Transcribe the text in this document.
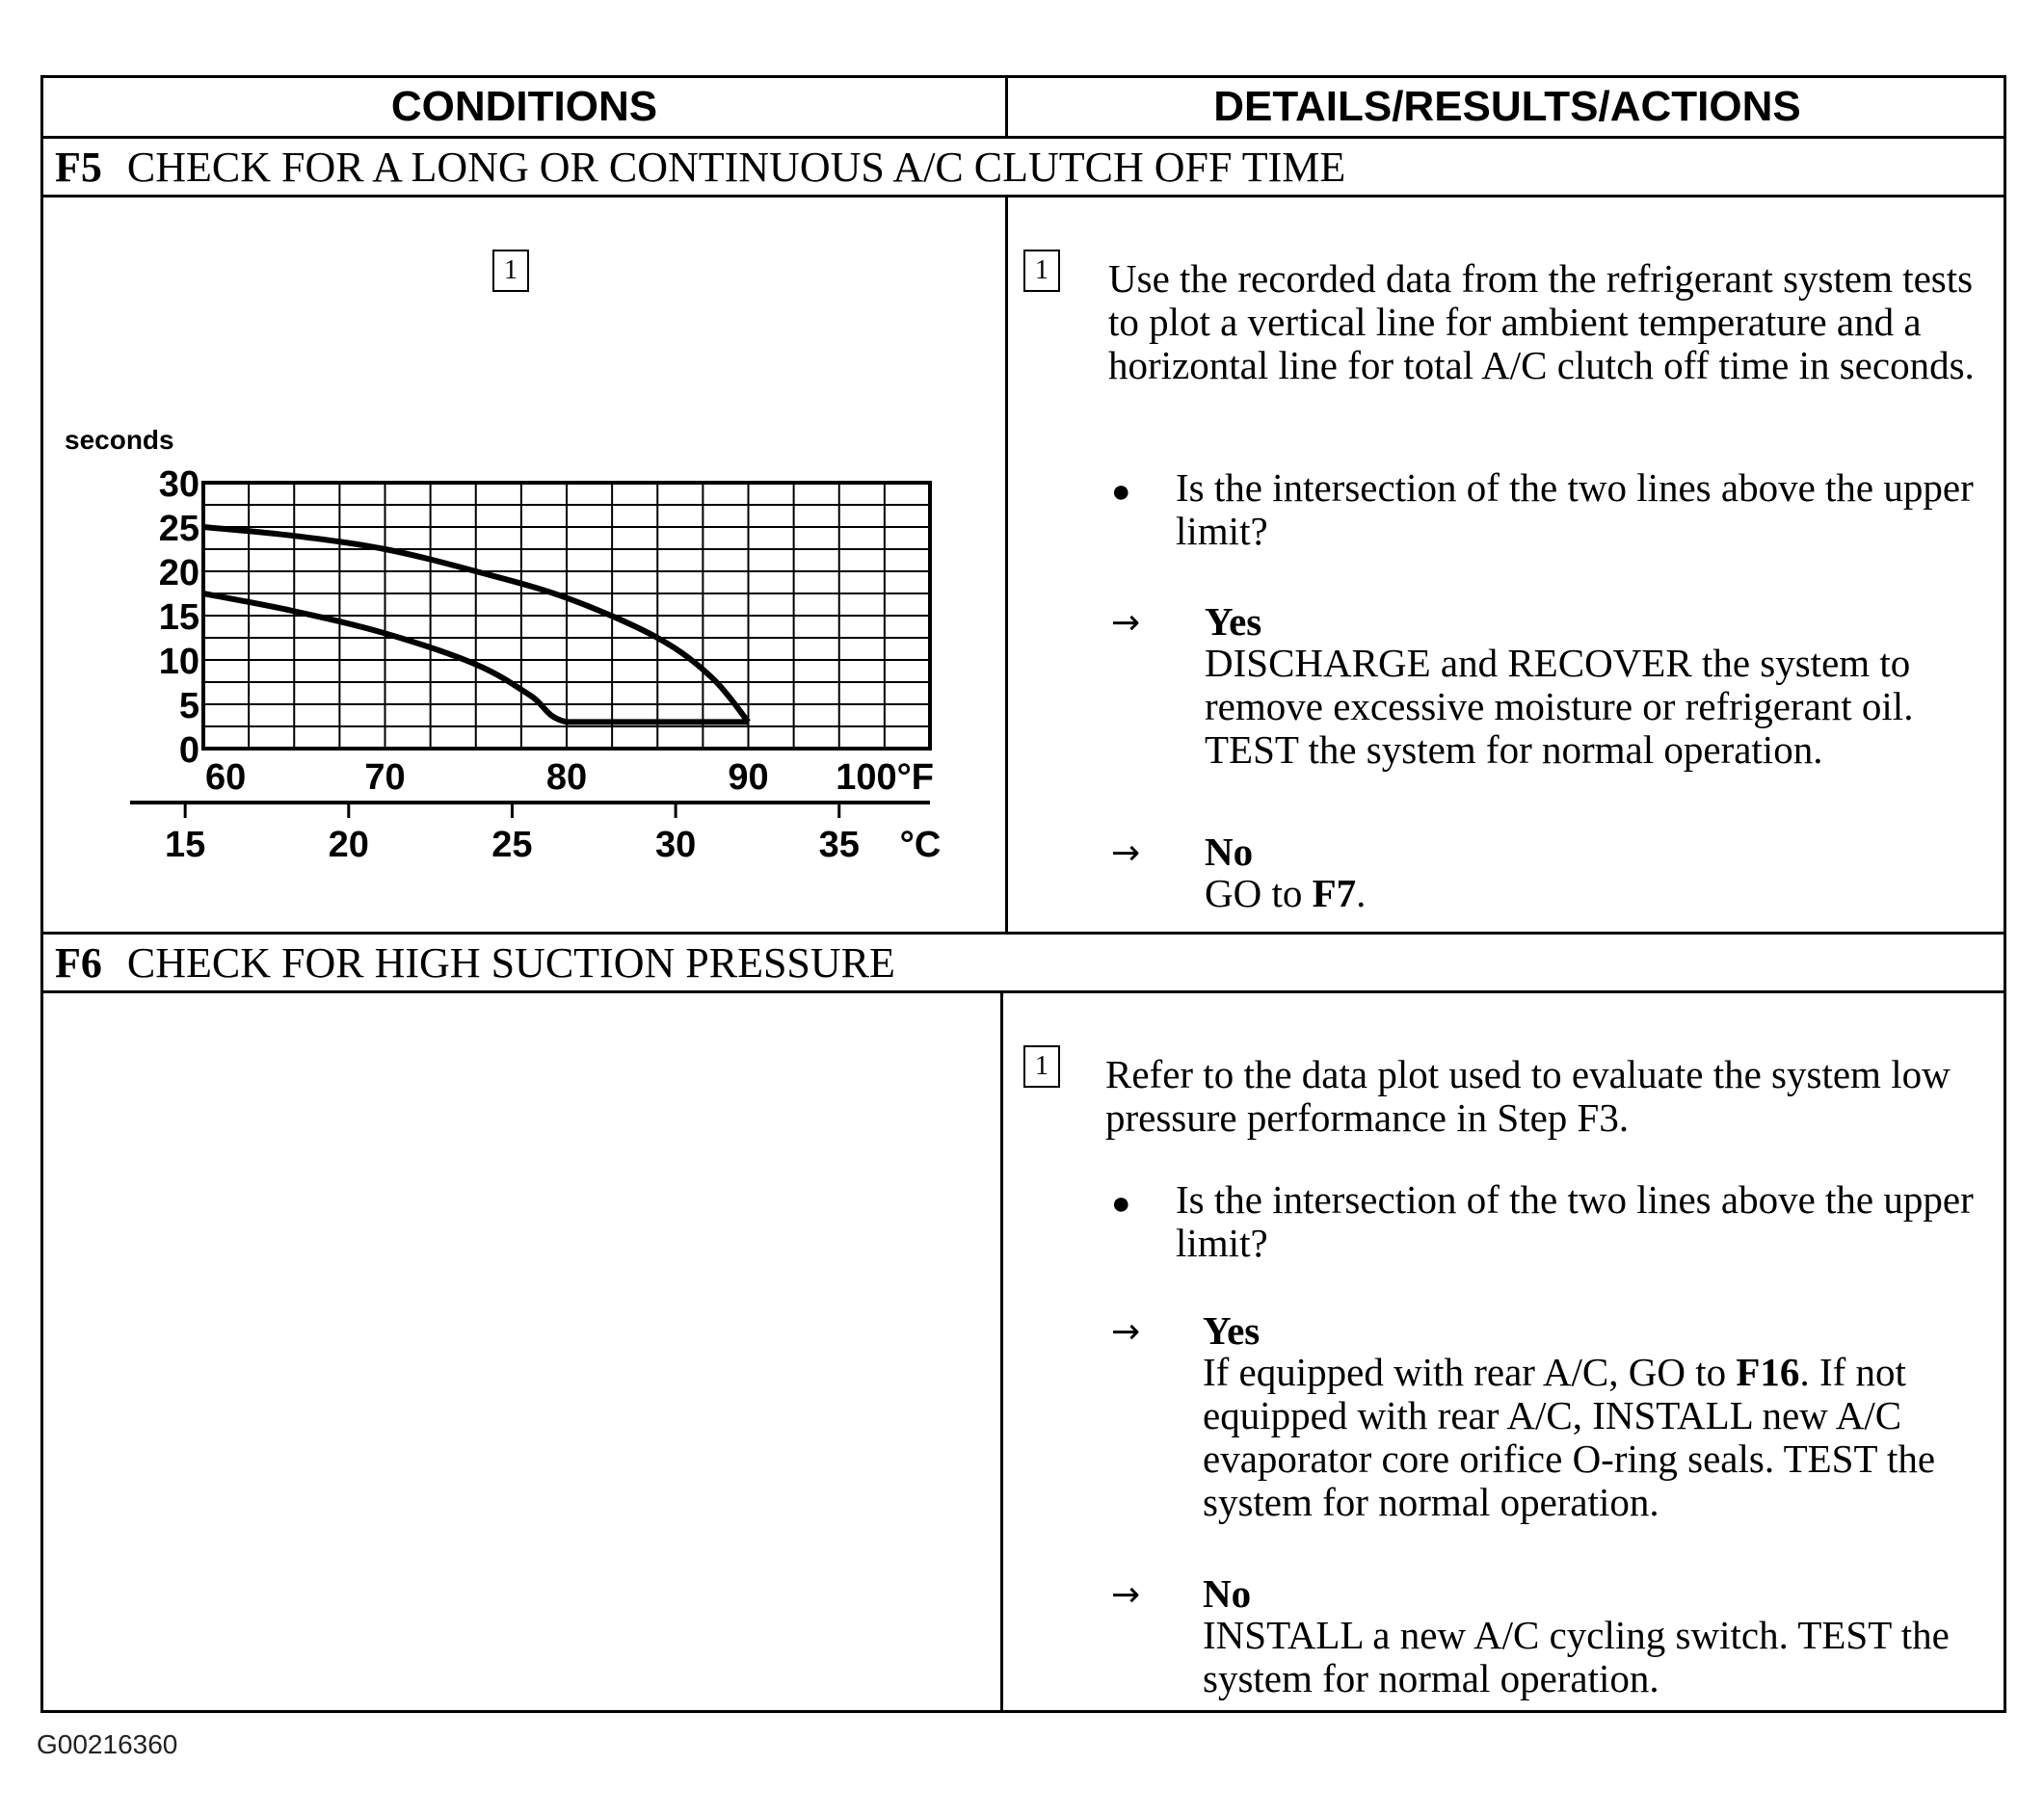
CONDITIONS	DETAILS/RESULTS/ACTIONS
F5 CHECK FOR A LONG OR CONTINUOUS A/C CLUTCH OFF TIME
1
seconds
30
25
20
15
10
5
0
60	70	80	90 100°F
15	20	25	30	35 °C
1 Use the recorded data from the refrigerant system tests to plot a vertical line for ambient temperature and a horizontal line for total A/C clutch off time in seconds.
● Is the intersection of the two lines above the upper limit?
→ Yes
DISCHARGE and RECOVER the system to remove excessive moisture or refrigerant oil. TEST the system for normal operation.
→ No
GO to F7.
F6 CHECK FOR HIGH SUCTION PRESSURE
1 Refer to the data plot used to evaluate the system low pressure performance in Step F3.
● Is the intersection of the two lines above the upper limit?
→ Yes
If equipped with rear A/C, GO to F16. If not equipped with rear A/C, INSTALL new A/C evaporator core orifice O-ring seals. TEST the system for normal operation.
→ No
INSTALL a new A/C cycling switch. TEST the system for normal operation.
G00216360
